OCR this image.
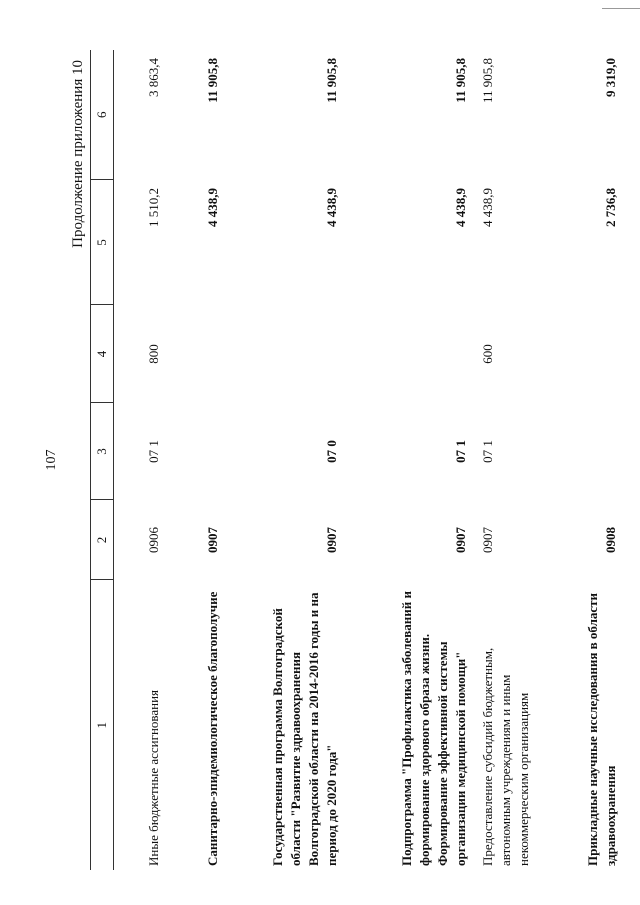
107
Продолжение приложения 10
1	2	3	4	5	6
Иные бюджетные ассигнования	0906	07 1	800	1 510,2	3 863,4
Санитарно-эпидемиологическое благополучие	0907			4 438,9	11 905,8
Государственная программа Волгоградской области "Развитие здравоохранения Волгоградской области на 2014-2016 годы и на период до 2020 года"	0907	07 0		4 438,9	11 905,8
Подпрограмма "Профилактика заболеваний и формирование здорового образа жизни. Формирование эффективной системы организации медицинской помощи"	0907	07 1		4 438,9	11 905,8
Предоставление субсидий бюджетным, автономным учреждениям и иным некоммерческим организациям	0907	07 1	600	4 438,9	11 905,8
Прикладные научные исследования в области здравоохранения	0908			2 736,8	9 319,0
